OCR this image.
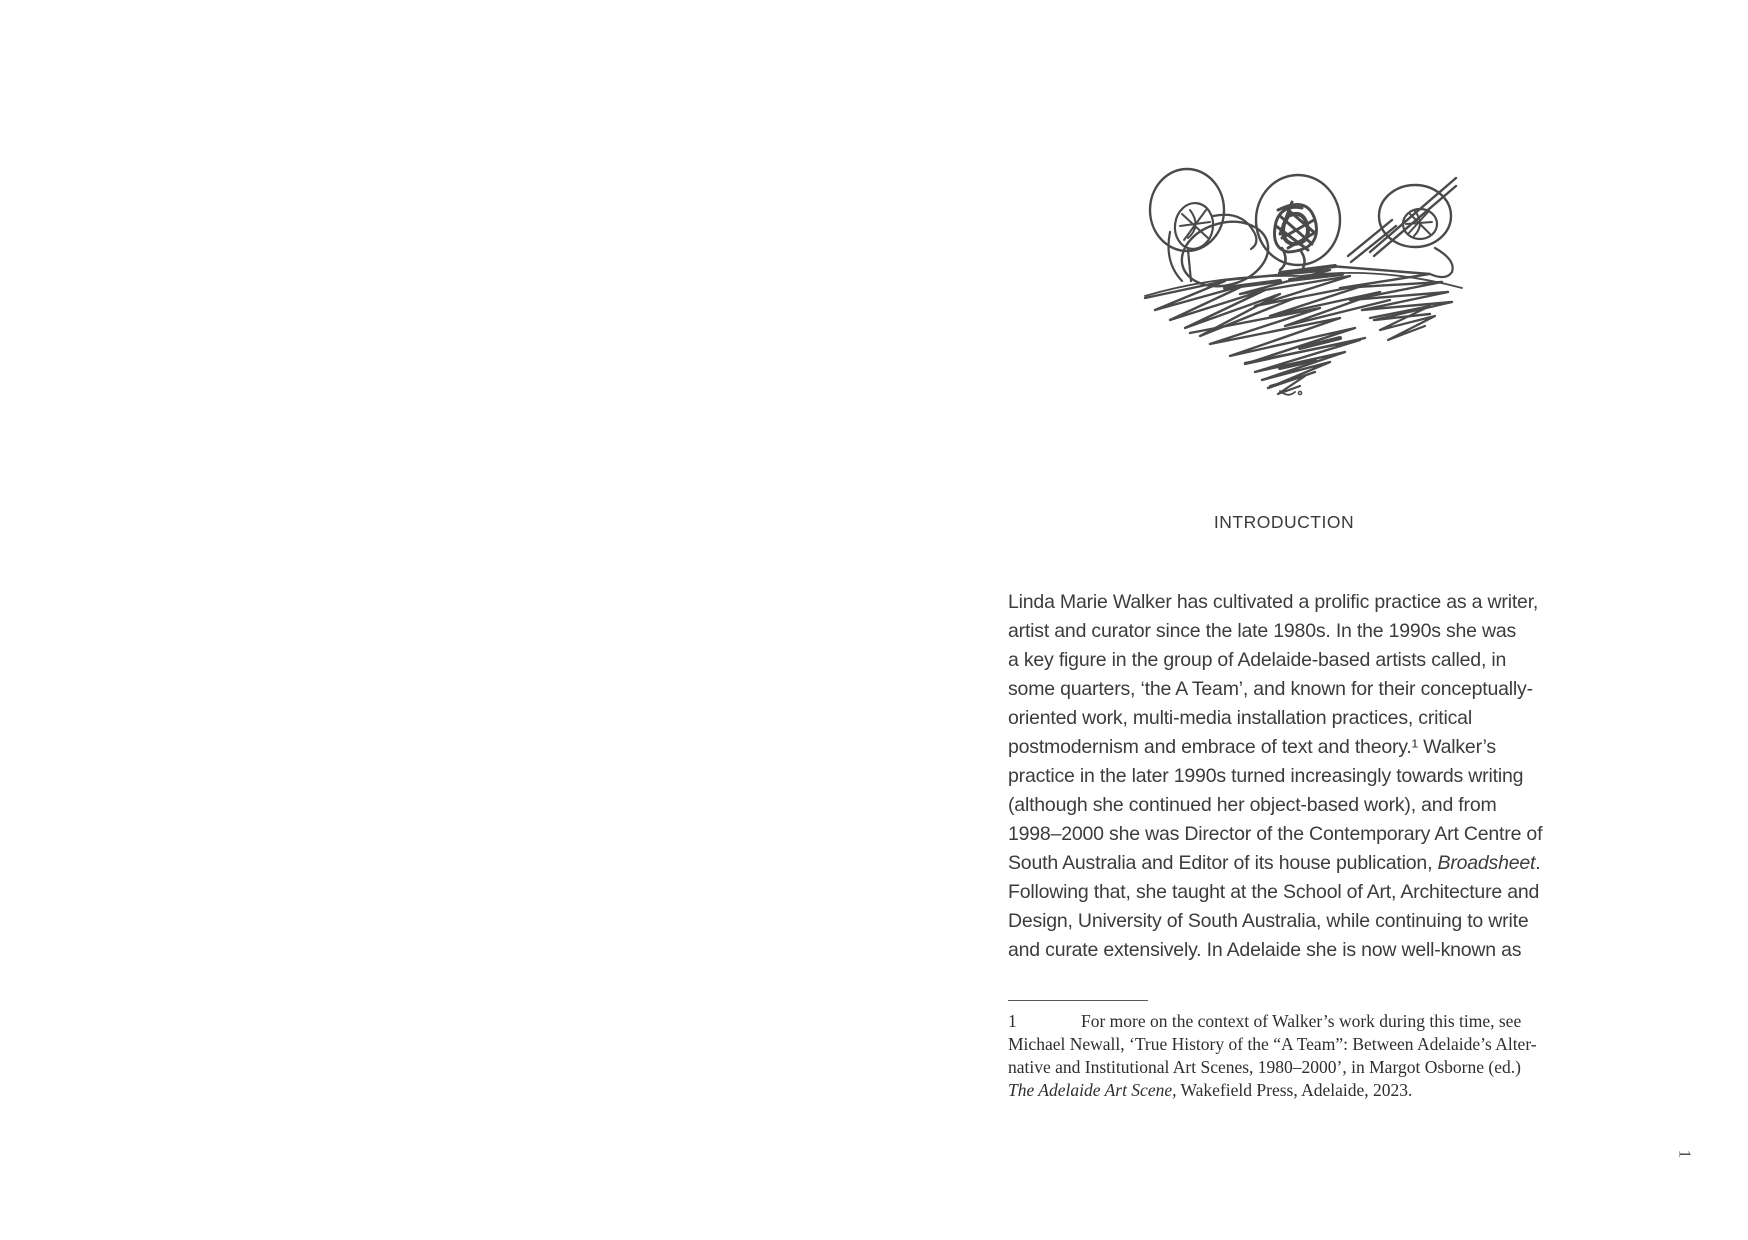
INTRODUCTION
Linda Marie Walker has cultivated a prolific practice as a writer,
artist and curator since the late 1980s. In the 1990s she was
a key figure in the group of Adelaide-based artists called, in
some quarters, ‘the A Team’, and known for their conceptually-
oriented work, multi-media installation practices, critical
postmodernism and embrace of text and theory.¹ Walker’s
practice in the later 1990s turned increasingly towards writing
(although she continued her object-based work), and from
1998–2000 she was Director of the Contemporary Art Centre of
South Australia and Editor of its house publication, Broadsheet.
Following that, she taught at the School of Art, Architecture and
Design, University of South Australia, while continuing to write
and curate extensively. In Adelaide she is now well-known as
1	For more on the context of Walker’s work during this time, see
Michael Newall, ‘True History of the “A Team”: Between Adelaide’s Alter-
native and Institutional Art Scenes, 1980–2000’, in Margot Osborne (ed.)
The Adelaide Art Scene, Wakefield Press, Adelaide, 2023.
1
